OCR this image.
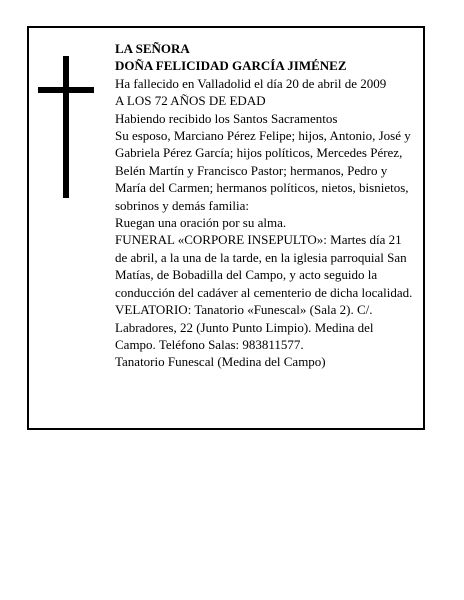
LA SEÑORA
DOÑA FELICIDAD GARCÍA JIMÉNEZ
Ha fallecido en Valladolid el día 20 de abril de 2009
A LOS 72 AÑOS DE EDAD
Habiendo recibido los Santos Sacramentos
Su esposo, Marciano Pérez Felipe; hijos, Antonio, José y Gabriela Pérez García; hijos políticos, Mercedes Pérez, Belén Martín y Francisco Pastor; hermanos, Pedro y María del Carmen; hermanos políticos, nietos, bisnietos, sobrinos y demás familia:
Ruegan una oración por su alma.
FUNERAL «CORPORE INSEPULTO»: Martes día 21 de abril, a la una de la tarde, en la iglesia parroquial San Matías, de Bobadilla del Campo, y acto seguido la conducción del cadáver al cementerio de dicha localidad.
VELATORIO: Tanatorio «Funescal» (Sala 2). C/. Labradores, 22 (Junto Punto Limpio). Medina del Campo. Teléfono Salas: 983811577.
Tanatorio Funescal (Medina del Campo)
